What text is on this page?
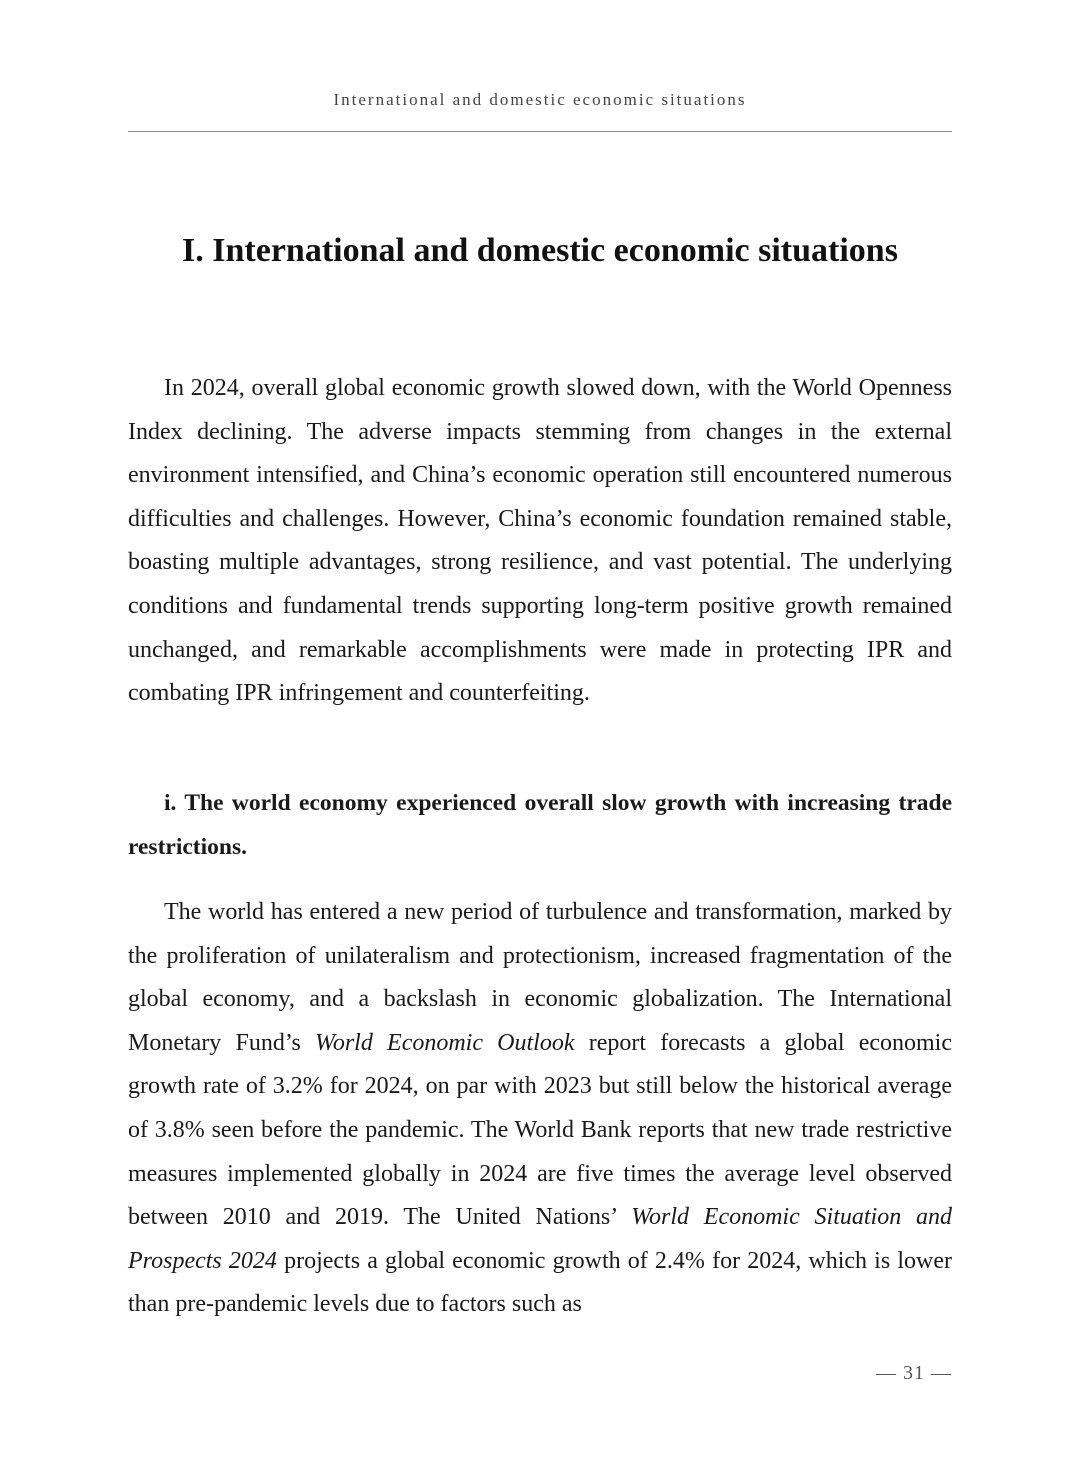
International and domestic economic situations
I. International and domestic economic situations

In 2024, overall global economic growth slowed down, with the World Openness Index declining. The adverse impacts stemming from changes in the external environment intensified, and China’s economic operation still encountered numerous difficulties and challenges. However, China’s economic foundation remained stable, boasting multiple advantages, strong resilience, and vast potential. The underlying conditions and fundamental trends supporting long-term positive growth remained unchanged, and remarkable accomplishments were made in protecting IPR and combating IPR infringement and counterfeiting.

i. The world economy experienced overall slow growth with increasing trade restrictions.

The world has entered a new period of turbulence and transformation, marked by the proliferation of unilateralism and protectionism, increased fragmentation of the global economy, and a backslash in economic globalization. The International Monetary Fund’s World Economic Outlook report forecasts a global economic growth rate of 3.2% for 2024, on par with 2023 but still below the historical average of 3.8% seen before the pandemic. The World Bank reports that new trade restrictive measures implemented globally in 2024 are five times the average level observed between 2010 and 2019. The United Nations’ World Economic Situation and Prospects 2024 projects a global economic growth of 2.4% for 2024, which is lower than pre-pandemic levels due to factors such as

— 31 —
